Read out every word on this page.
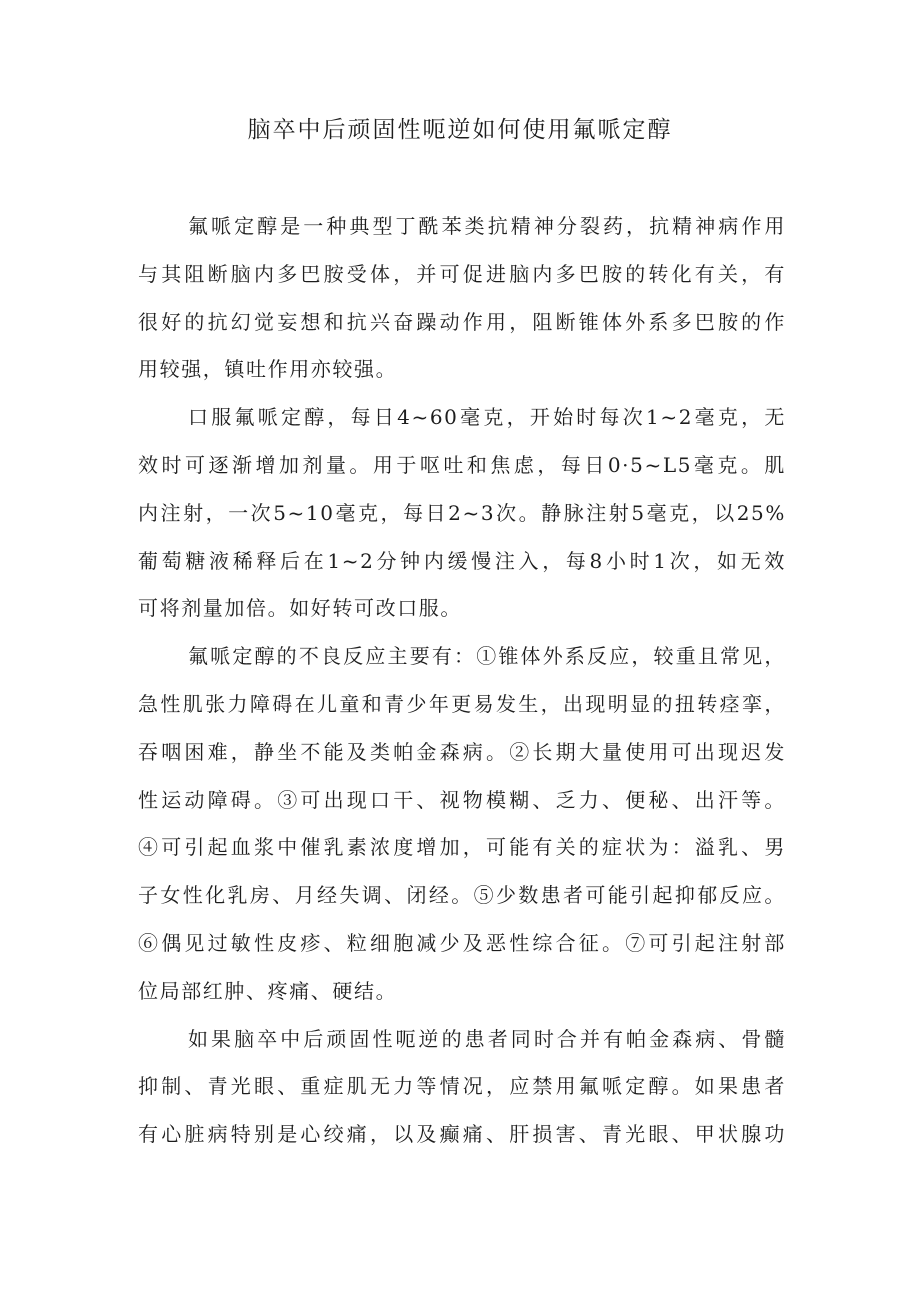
脑卒中后顽固性呃逆如何使用氟哌定醇
氟哌定醇是一种典型丁酰苯类抗精神分裂药，抗精神病作用
与其阻断脑内多巴胺受体，并可促进脑内多巴胺的转化有关，有
很好的抗幻觉妄想和抗兴奋躁动作用，阻断锥体外系多巴胺的作
用较强，镇吐作用亦较强。
口服氟哌定醇，每日4~60毫克，开始时每次1~2毫克，无
效时可逐渐增加剂量。用于呕吐和焦虑，每日0·5~L5毫克。肌
内注射，一次5~10毫克，每日2~3次。静脉注射5毫克，以25%
葡萄糖液稀释后在1~2分钟内缓慢注入，每8小时1次，如无效
可将剂量加倍。如好转可改口服。
氟哌定醇的不良反应主要有：①锥体外系反应，较重且常见，
急性肌张力障碍在儿童和青少年更易发生，出现明显的扭转痉挛，
吞咽困难，静坐不能及类帕金森病。②长期大量使用可出现迟发
性运动障碍。③可出现口干、视物模糊、乏力、便秘、出汗等。
④可引起血浆中催乳素浓度增加，可能有关的症状为：溢乳、男
子女性化乳房、月经失调、闭经。⑤少数患者可能引起抑郁反应。
⑥偶见过敏性皮疹、粒细胞减少及恶性综合征。⑦可引起注射部
位局部红肿、疼痛、硬结。
如果脑卒中后顽固性呃逆的患者同时合并有帕金森病、骨髓
抑制、青光眼、重症肌无力等情况，应禁用氟哌定醇。如果患者
有心脏病特别是心绞痛，以及癫痛、肝损害、青光眼、甲状腺功
